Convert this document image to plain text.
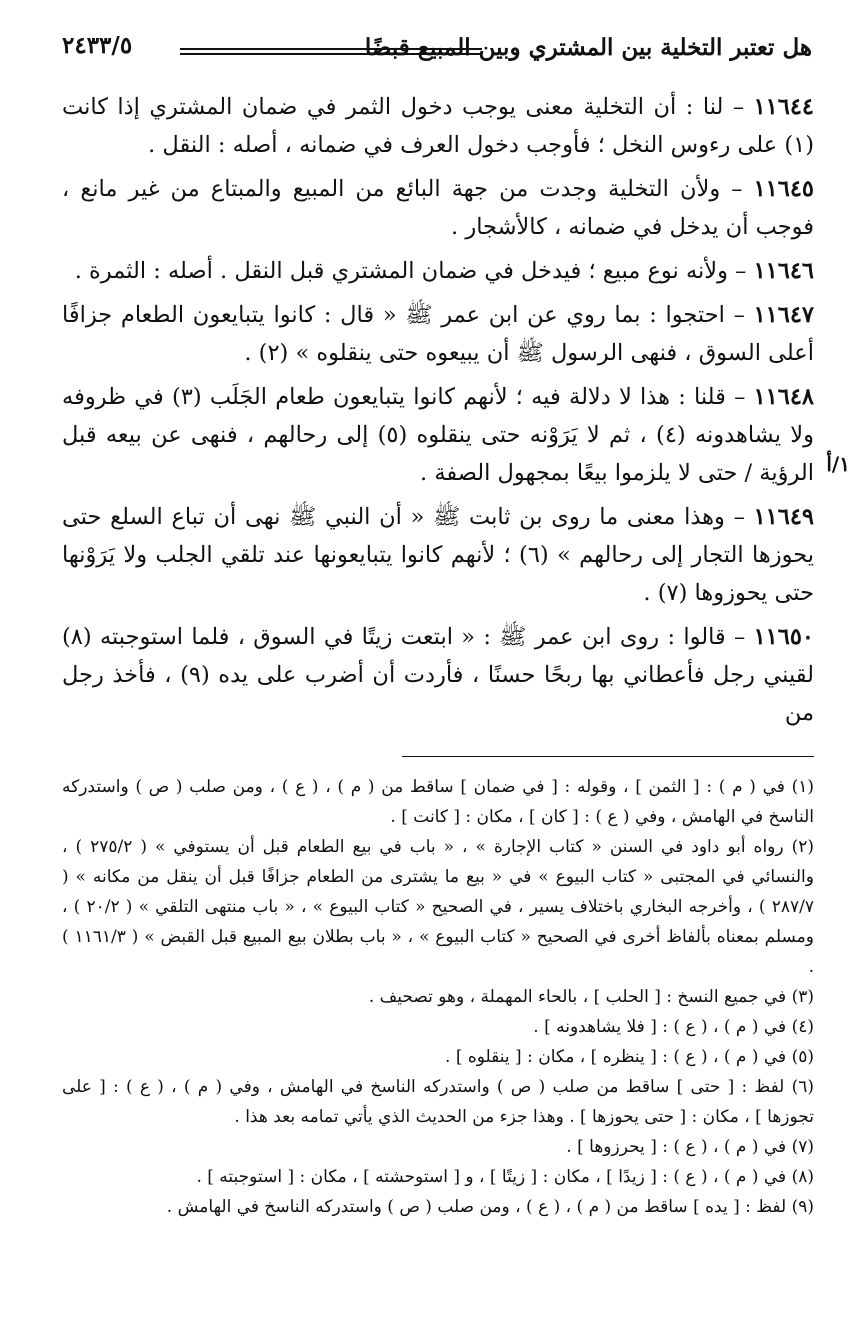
هل تعتبر التخلية بين المشتري وبين المبيع قبضًا
٢٤٣٣/٥
١/أ

١١٦٤٤ – لنا : أن التخلية معنى يوجب دخول الثمر في ضمان المشتري إذا كانت (١) على رءوس النخل ؛ فأوجب دخول العرف في ضمانه ، أصله : النقل .

١١٦٤٥ – ولأن التخلية وجدت من جهة البائع من المبيع والمبتاع من غير مانع ، فوجب أن يدخل في ضمانه ، كالأشجار .

١١٦٤٦ – ولأنه نوع مبيع ؛ فيدخل في ضمان المشتري قبل النقل . أصله : الثمرة .

١١٦٤٧ – احتجوا : بما روي عن ابن عمر ﷺ « قال : كانوا يتبايعون الطعام جزافًا أعلى السوق ، فنهى الرسول ﷺ أن يبيعوه حتى ينقلوه » (٢) .

١١٦٤٨ – قلنا : هذا لا دلالة فيه ؛ لأنهم كانوا يتبايعون طعام الجَلَب (٣) في ظروفه ولا يشاهدونه (٤) ، ثم لا يَرَوْنه حتى ينقلوه (٥) إلى رحالهم ، فنهى عن بيعه قبل الرؤية / حتى لا يلزموا بيعًا بمجهول الصفة .

١١٦٤٩ – وهذا معنى ما روى بن ثابت ﷺ « أن النبي ﷺ نهى أن تباع السلع حتى يحوزها التجار إلى رحالهم » (٦) ؛ لأنهم كانوا يتبايعونها عند تلقي الجلب ولا يَرَوْنها حتى يحوزوها (٧) .

١١٦٥٠ – قالوا : روى ابن عمر ﷺ : « ابتعت زيتًا في السوق ، فلما استوجبته (٨) لقيني رجل فأعطاني بها ربحًا حسنًا ، فأردت أن أضرب على يده (٩) ، فأخذ رجل من

(١) في ( م ) : [ الثمن ] ، وقوله : [ في ضمان ] ساقط من ( م ) ، ( ع ) ، ومن صلب ( ص ) واستدركه الناسخ في الهامش ، وفي ( ع ) : [ كان ] ، مكان : [ كانت ] .

(٢) رواه أبو داود في السنن « كتاب الإجارة » ، « باب في بيع الطعام قبل أن يستوفي » ( ٢٧٥/٢ ) ، والنسائي في المجتبى « كتاب البيوع » في « بيع ما يشترى من الطعام جزافًا قبل أن ينقل من مكانه » ( ٢٨٧/٧ ) ، وأخرجه البخاري باختلاف يسير ، في الصحيح « كتاب البيوع » ، « باب منتهى التلقي » ( ٢٠/٢ ) ، ومسلم بمعناه بألفاظ أخرى في الصحيح « كتاب البيوع » ، « باب بطلان بيع المبيع قبل القبض » ( ١١٦١/٣ ) .

(٣) في جميع النسخ : [ الحلب ] ، بالحاء المهملة ، وهو تصحيف .

(٤) في ( م ) ، ( ع ) : [ فلا يشاهدونه ] .

(٥) في ( م ) ، ( ع ) : [ ينظره ] ، مكان : [ ينقلوه ] .

(٦) لفظ : [ حتى ] ساقط من صلب ( ص ) واستدركه الناسخ في الهامش ، وفي ( م ) ، ( ع ) : [ على تجوزها ] ، مكان : [ حتى يحوزها ] . وهذا جزء من الحديث الذي يأتي تمامه بعد هذا .

(٧) في ( م ) ، ( ع ) : [ يحرزوها ] .

(٨) في ( م ) ، ( ع ) : [ زيدًا ] ، مكان : [ زيتًا ] ، و [ استوحشته ] ، مكان : [ استوجبته ] .

(٩) لفظ : [ يده ] ساقط من ( م ) ، ( ع ) ، ومن صلب ( ص ) واستدركه الناسخ في الهامش .
